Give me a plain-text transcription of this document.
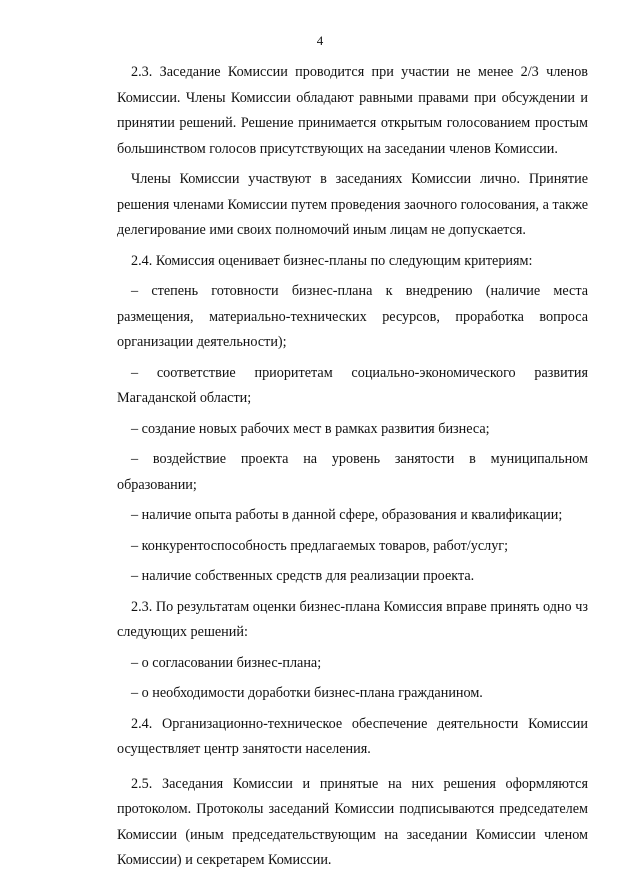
4

2.3. Заседание Комиссии проводится при участии не менее 2/3 членов Комиссии. Члены Комиссии обладают равными правами при обсуждении и принятии решений. Решение принимается открытым голосованием простым большинством голосов присутствующих на заседании членов Комиссии.

Члены Комиссии участвуют в заседаниях Комиссии лично. Принятие решения членами Комиссии путем проведения заочного голосования, а также делегирование ими своих полномочий иным лицам не допускается.

2.4. Комиссия оценивает бизнес-планы по следующим критериям:

– степень готовности бизнес-плана к внедрению (наличие места размещения, материально-технических ресурсов, проработка вопроса организации деятельности);

– соответствие приоритетам социально-экономического развития Магаданской области;

– создание новых рабочих мест в рамках развития бизнеса;

– воздействие проекта на уровень занятости в муниципальном образовании;

– наличие опыта работы в данной сфере, образования и квалификации;

– конкурентоспособность предлагаемых товаров, работ/услуг;

– наличие собственных средств для реализации проекта.

2.3. По результатам оценки бизнес-плана Комиссия вправе принять одно чз следующих решений:

– о согласовании бизнес-плана;

– о необходимости доработки бизнес-плана гражданином.

2.4. Организационно-техническое обеспечение деятельности Комиссии осуществляет центр занятости населения.

2.5. Заседания Комиссии и принятые на них решения оформляются протоколом. Протоколы заседаний Комиссии подписываются председателем Комиссии (иным председательствующим на заседании Комиссии членом Комиссии) и секретарем Комиссии.
